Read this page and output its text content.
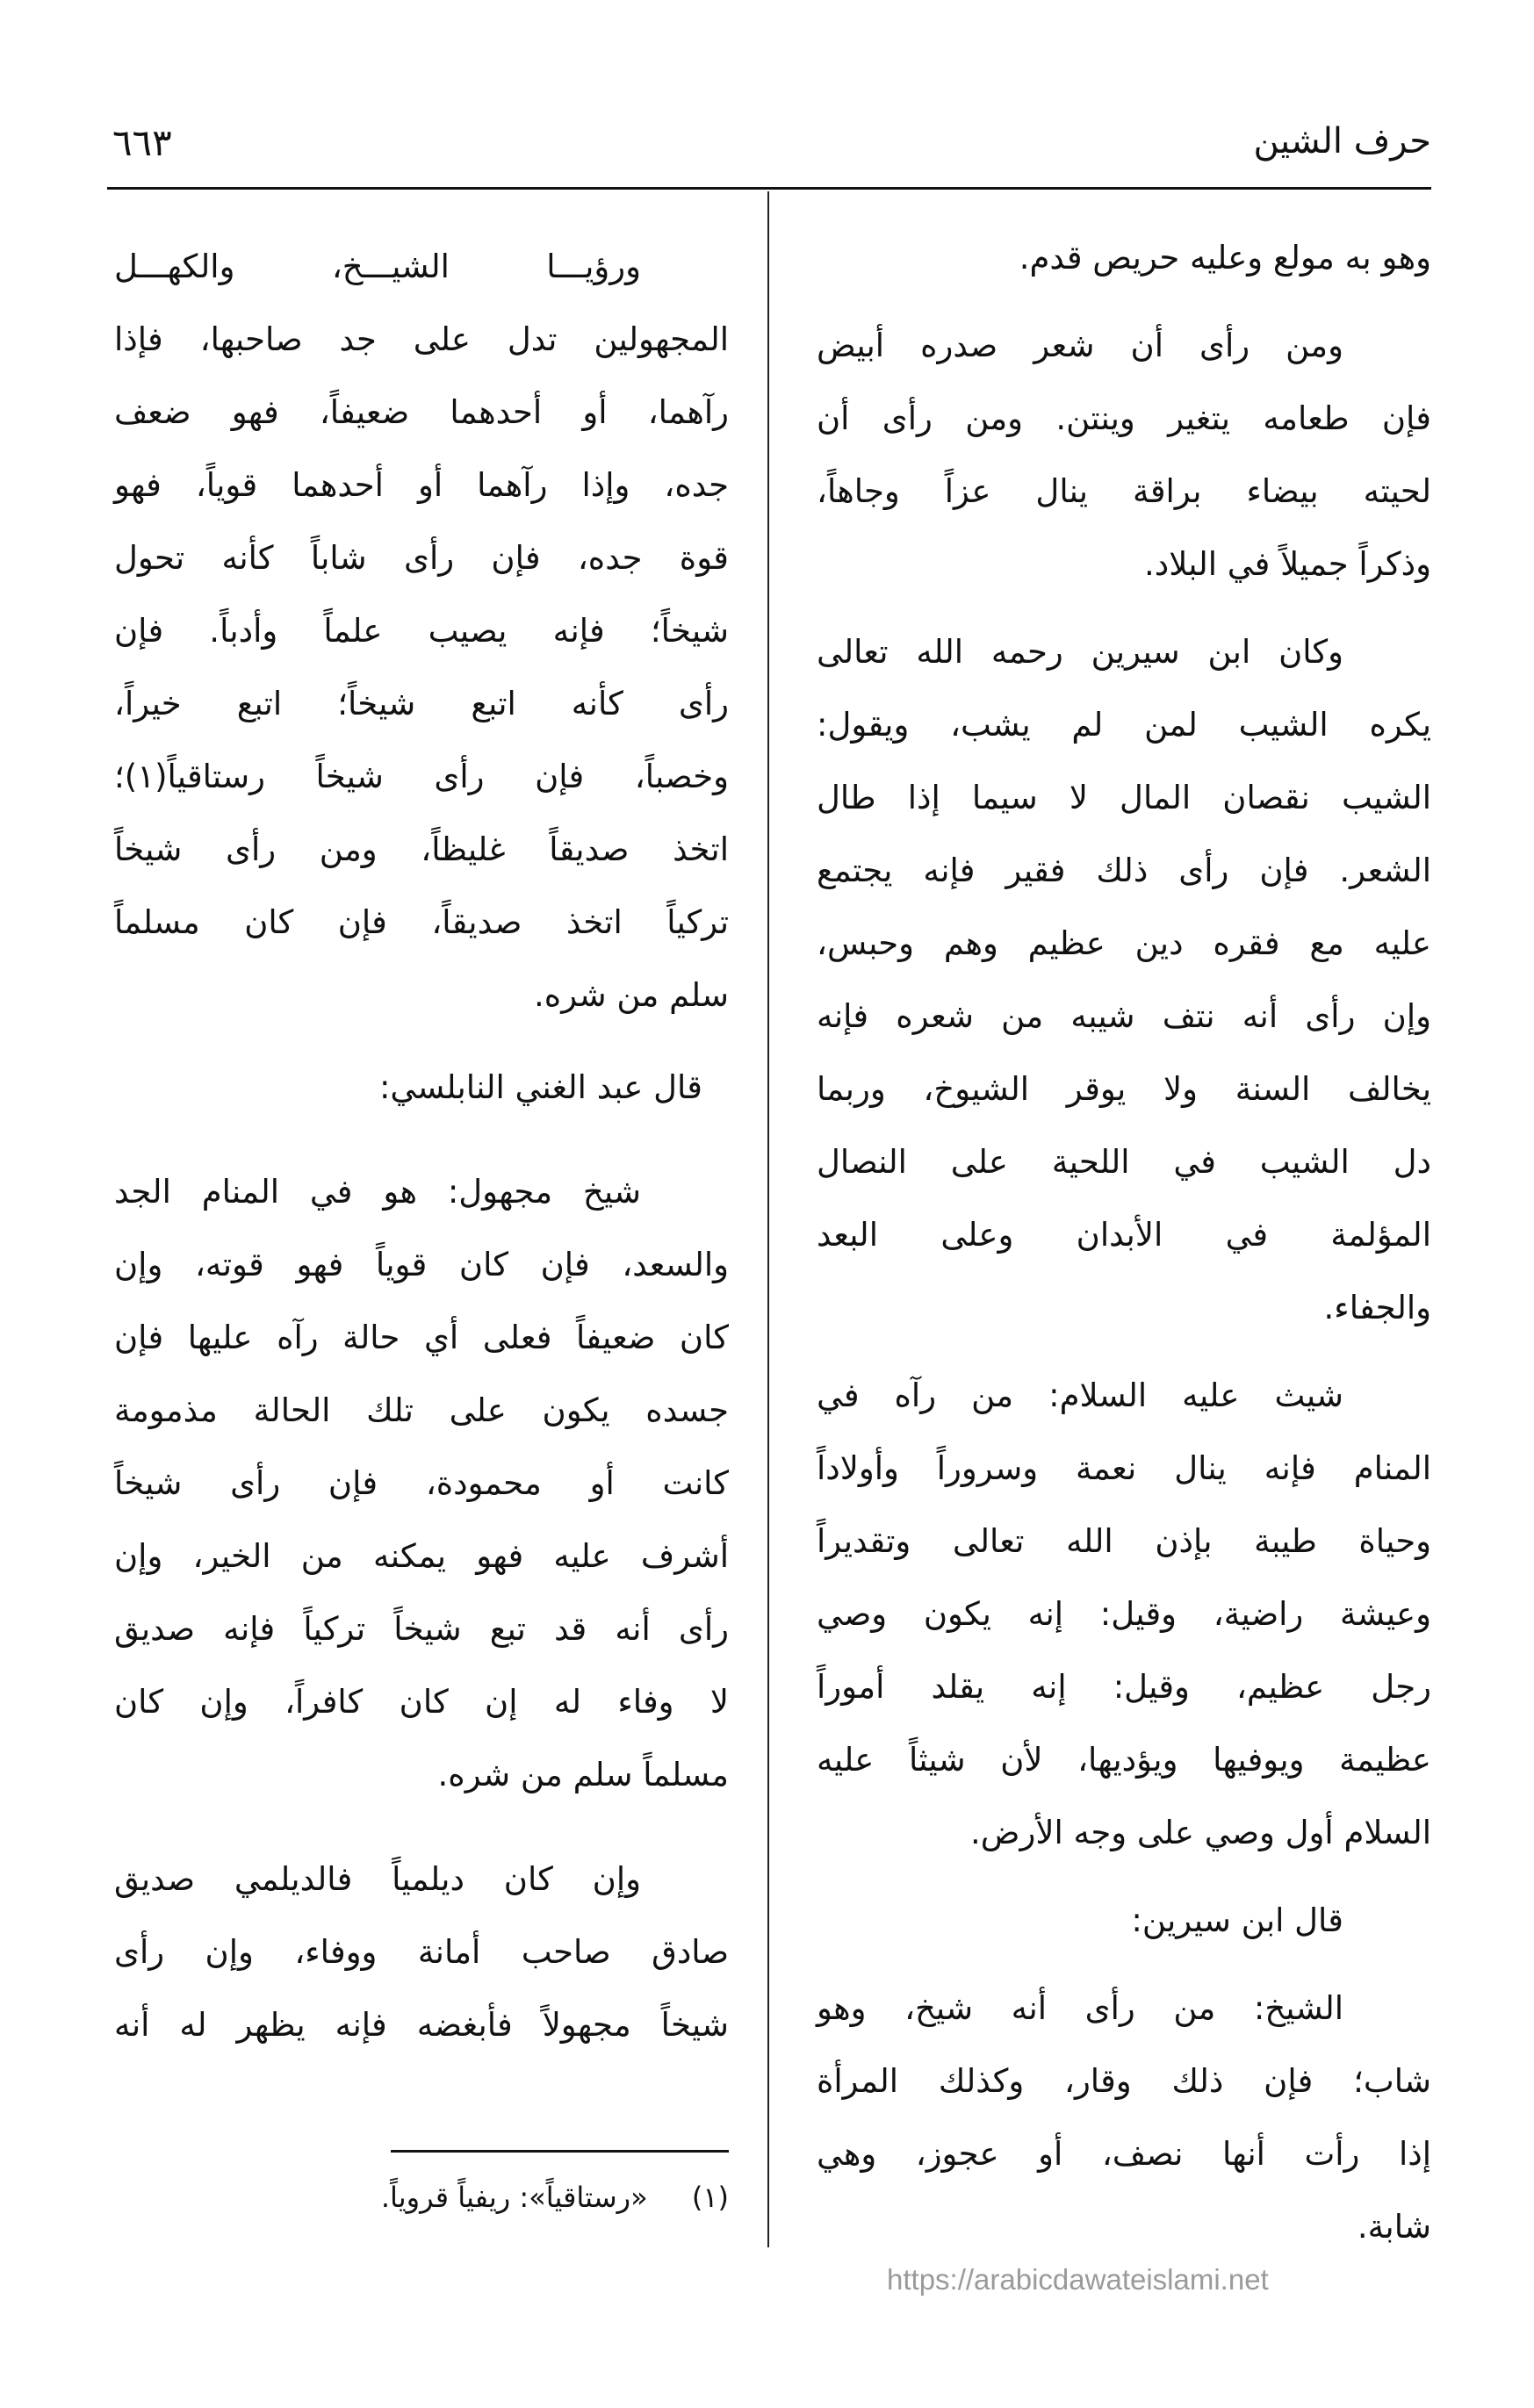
حرف الشين
٦٦٣
وهو به مولع وعليه حريص قدم.
ومن رأى أن شعر صدره أبيض
فإن طعامه يتغير وينتن. ومن رأى أن
لحيته بيضاء براقة ينال عزاً وجاهاً،
وذكراً جميلاً في البلاد.
وكان ابن سيرين رحمه الله تعالى
يكره الشيب لمن لم يشب، ويقول:
الشيب نقصان المال لا سيما إذا طال
الشعر. فإن رأى ذلك فقير فإنه يجتمع
عليه مع فقره دين عظيم وهم وحبس،
وإن رأى أنه نتف شيبه من شعره فإنه
يخالف السنة ولا يوقر الشيوخ، وربما
دل الشيب في اللحية على النصال
المؤلمة في الأبدان وعلى البعد
والجفاء.
شيث عليه السلام: من رآه في
المنام فإنه ينال نعمة وسروراً وأولاداً
وحياة طيبة بإذن الله تعالى وتقديراً
وعيشة راضية، وقيل: إنه يكون وصي
رجل عظيم، وقيل: إنه يقلد أموراً
عظيمة ويوفيها ويؤديها، لأن شيثاً عليه
السلام أول وصي على وجه الأرض.
قال ابن سيرين:
الشيخ: من رأى أنه شيخ، وهو
شاب؛ فإن ذلك وقار، وكذلك المرأة
إذا رأت أنها نصف، أو عجوز، وهي
شابة.
ورؤيـــا الشيـــخ، والكهـــل
المجهولين تدل على جد صاحبها، فإذا
رآهما، أو أحدهما ضعيفاً، فهو ضعف
جده، وإذا رآهما أو أحدهما قوياً، فهو
قوة جده، فإن رأى شاباً كأنه تحول
شيخاً؛ فإنه يصيب علماً وأدباً. فإن
رأى كأنه اتبع شيخاً؛ اتبع خيراً،
وخصباً، فإن رأى شيخاً رستاقياً(١)؛
اتخذ صديقاً غليظاً، ومن رأى شيخاً
تركياً اتخذ صديقاً، فإن كان مسلماً
سلم من شره.
قال عبد الغني النابلسي:
شيخ مجهول: هو في المنام الجد
والسعد، فإن كان قوياً فهو قوته، وإن
كان ضعيفاً فعلى أي حالة رآه عليها فإن
جسده يكون على تلك الحالة مذمومة
كانت أو محمودة، فإن رأى شيخاً
أشرف عليه فهو يمكنه من الخير، وإن
رأى أنه قد تبع شيخاً تركياً فإنه صديق
لا وفاء له إن كان كافراً، وإن كان
مسلماً سلم من شره.
وإن كان ديلمياً فالديلمي صديق
صادق صاحب أمانة ووفاء، وإن رأى
شيخاً مجهولاً فأبغضه فإنه يظهر له أنه
(١) «رستاقياً»: ريفياً قروياً.
https://arabicdawateislami.net
